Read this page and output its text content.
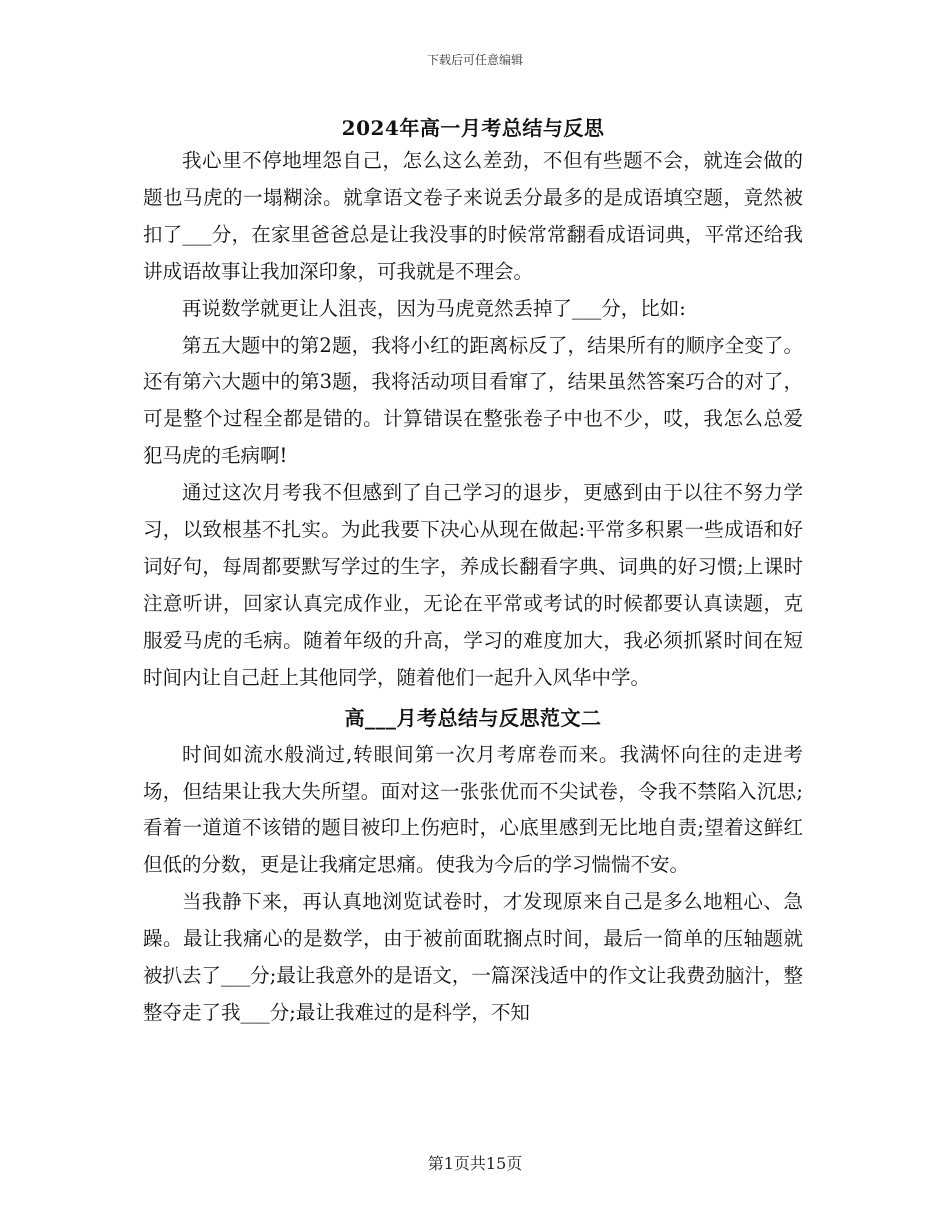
下载后可任意编辑
2024年高一月考总结与反思

我心里不停地埋怨自己，怎么这么差劲，不但有些题不会，就连会做的题也马虎的一塌糊涂。就拿语文卷子来说丢分最多的是成语填空题，竟然被扣了___分，在家里爸爸总是让我没事的时候常常翻看成语词典，平常还给我讲成语故事让我加深印象，可我就是不理会。

再说数学就更让人沮丧，因为马虎竟然丢掉了___分，比如:

第五大题中的第2题，我将小红的距离标反了，结果所有的顺序全变了。还有第六大题中的第3题，我将活动项目看窜了，结果虽然答案巧合的对了，可是整个过程全都是错的。计算错误在整张卷子中也不少，哎，我怎么总爱犯马虎的毛病啊!

通过这次月考我不但感到了自己学习的退步，更感到由于以往不努力学习，以致根基不扎实。为此我要下决心从现在做起:平常多积累一些成语和好词好句，每周都要默写学过的生字，养成长翻看字典、词典的好习惯;上课时注意听讲，回家认真完成作业，无论在平常或考试的时候都要认真读题，克服爱马虎的毛病。随着年级的升高，学习的难度加大，我必须抓紧时间在短时间内让自己赶上其他同学，随着他们一起升入风华中学。

高___月考总结与反思范文二

时间如流水般淌过,转眼间第一次月考席卷而来。我满怀向往的走进考场，但结果让我大失所望。面对这一张张优而不尖试卷，令我不禁陷入沉思;看着一道道不该错的题目被印上伤疤时，心底里感到无比地自责;望着这鲜红但低的分数，更是让我痛定思痛。使我为今后的学习惴惴不安。

当我静下来，再认真地浏览试卷时，才发现原来自己是多么地粗心、急躁。最让我痛心的是数学，由于被前面耽搁点时间，最后一简单的压轴题就被扒去了___分;最让我意外的是语文，一篇深浅适中的作文让我费劲脑汁，整整夺走了我___分;最让我难过的是科学，不知

第1页共15页
